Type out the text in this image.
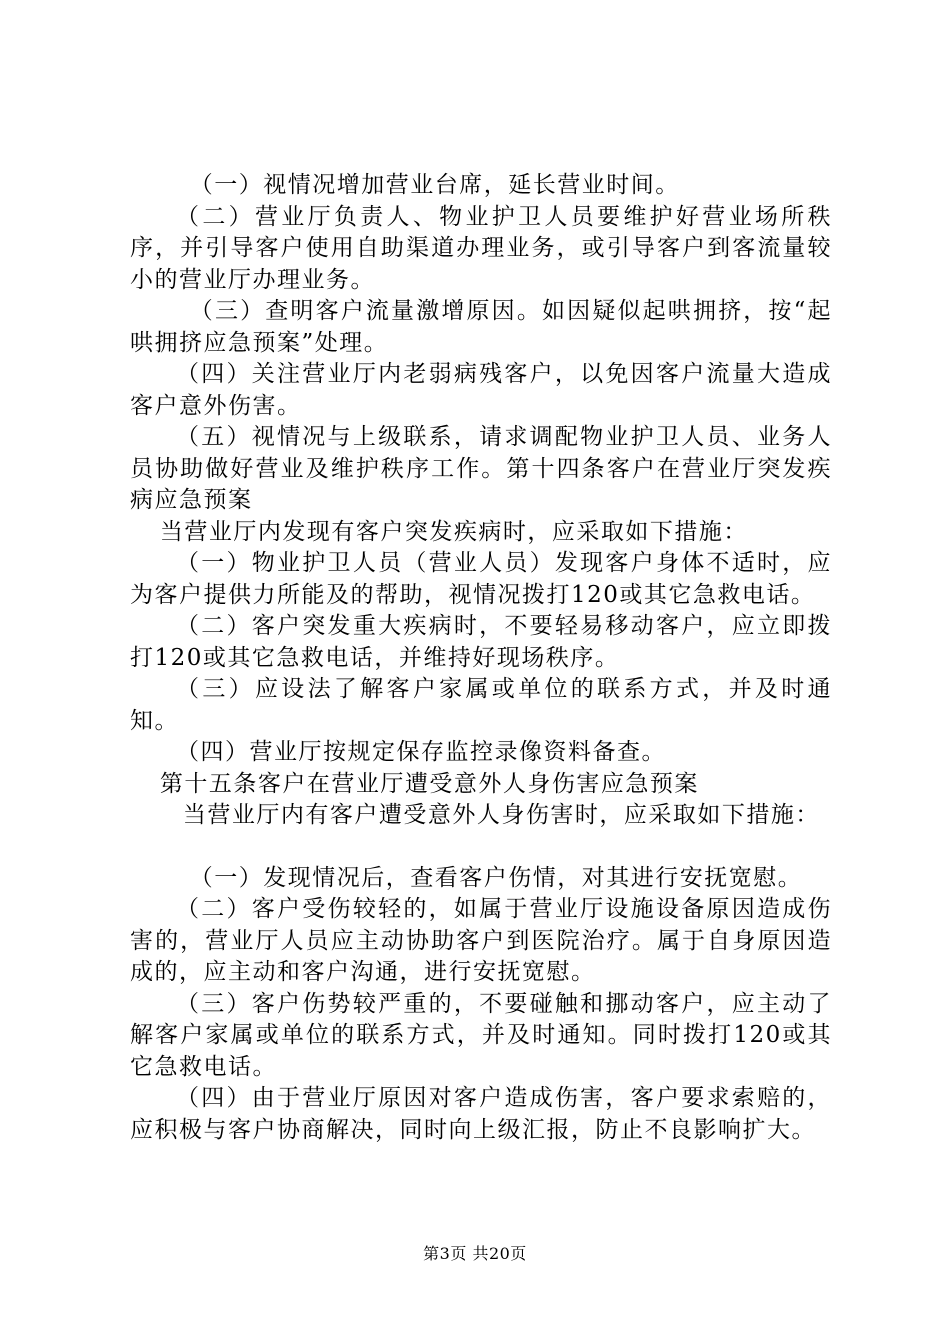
（一）视情况增加营业台席，延长营业时间。

（二）营业厅负责人、物业护卫人员要维护好营业场所秩序，并引导客户使用自助渠道办理业务，或引导客户到客流量较小的营业厅办理业务。

（三）查明客户流量激增原因。如因疑似起哄拥挤，按“起哄拥挤应急预案”处理。

（四）关注营业厅内老弱病残客户，以免因客户流量大造成客户意外伤害。

（五）视情况与上级联系，请求调配物业护卫人员、业务人员协助做好营业及维护秩序工作。第十四条客户在营业厅突发疾病应急预案

当营业厅内发现有客户突发疾病时，应采取如下措施：

（一）物业护卫人员（营业人员）发现客户身体不适时，应为客户提供力所能及的帮助，视情况拨打120或其它急救电话。

（二）客户突发重大疾病时，不要轻易移动客户，应立即拨打120或其它急救电话，并维持好现场秩序。

（三）应设法了解客户家属或单位的联系方式，并及时通知。

（四）营业厅按规定保存监控录像资料备查。

第十五条客户在营业厅遭受意外人身伤害应急预案

当营业厅内有客户遭受意外人身伤害时，应采取如下措施：

（一）发现情况后，查看客户伤情，对其进行安抚宽慰。

（二）客户受伤较轻的，如属于营业厅设施设备原因造成伤害的，营业厅人员应主动协助客户到医院治疗。属于自身原因造成的，应主动和客户沟通，进行安抚宽慰。

（三）客户伤势较严重的，不要碰触和挪动客户，应主动了解客户家属或单位的联系方式，并及时通知。同时拨打120或其它急救电话。

（四）由于营业厅原因对客户造成伤害，客户要求索赔的，应积极与客户协商解决，同时向上级汇报，防止不良影响扩大。

第3页 共20页
